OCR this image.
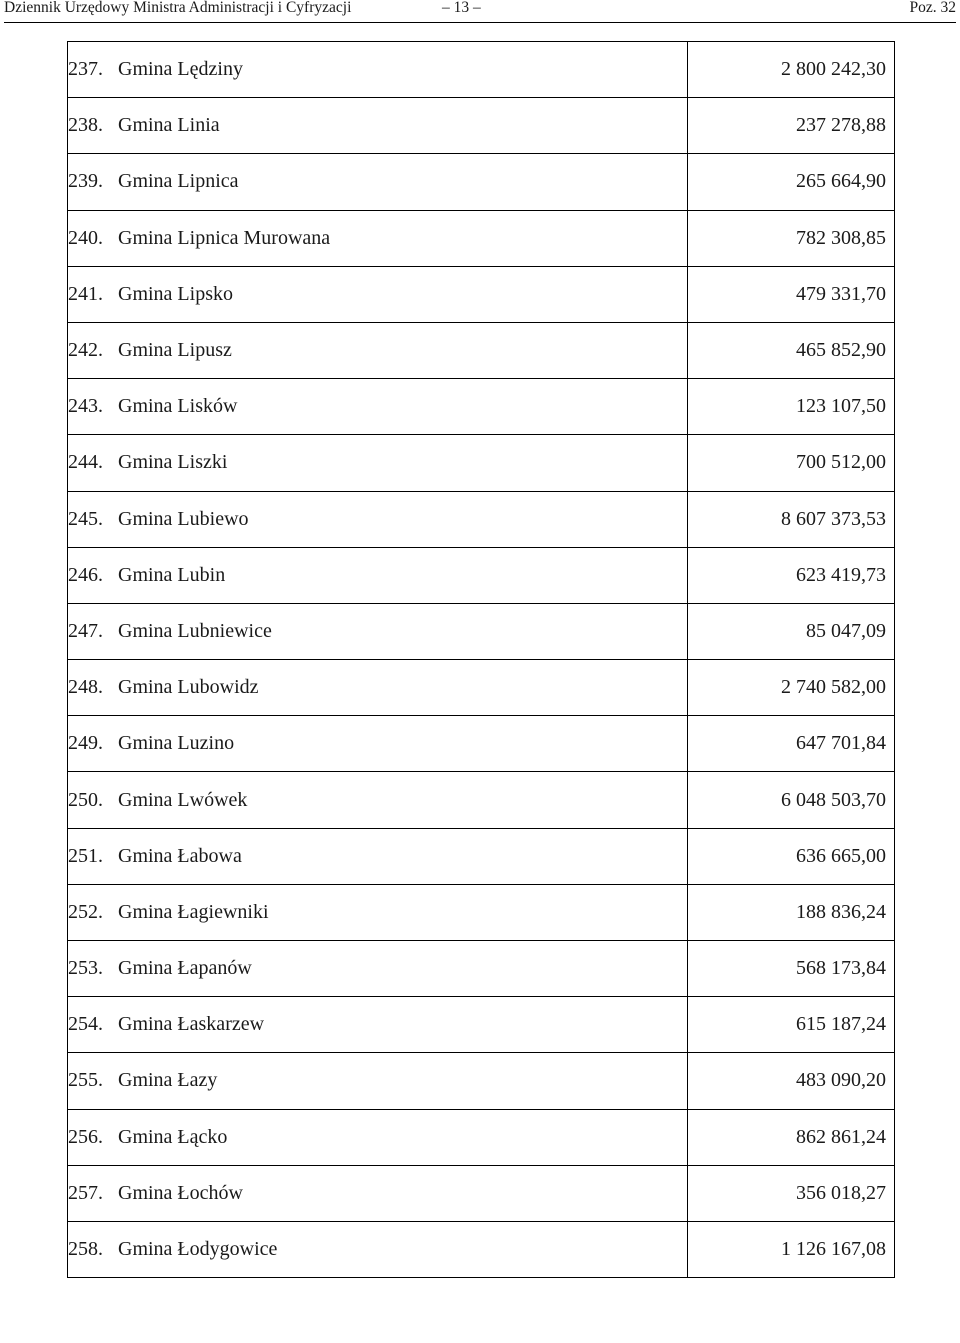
Dziennik Urzędowy Ministra Administracji i Cyfryzacji	– 13 –	Poz. 32
237. Gmina Lędziny	2 800 242,30
238. Gmina Linia	237 278,88
239. Gmina Lipnica	265 664,90
240. Gmina Lipnica Murowana	782 308,85
241. Gmina Lipsko	479 331,70
242. Gmina Lipusz	465 852,90
243. Gmina Lisków	123 107,50
244. Gmina Liszki	700 512,00
245. Gmina Lubiewo	8 607 373,53
246. Gmina Lubin	623 419,73
247. Gmina Lubniewice	85 047,09
248. Gmina Lubowidz	2 740 582,00
249. Gmina Luzino	647 701,84
250. Gmina Lwówek	6 048 503,70
251. Gmina Łabowa	636 665,00
252. Gmina Łagiewniki	188 836,24
253. Gmina Łapanów	568 173,84
254. Gmina Łaskarzew	615 187,24
255. Gmina Łazy	483 090,20
256. Gmina Łącko	862 861,24
257. Gmina Łochów	356 018,27
258. Gmina Łodygowice	1 126 167,08
